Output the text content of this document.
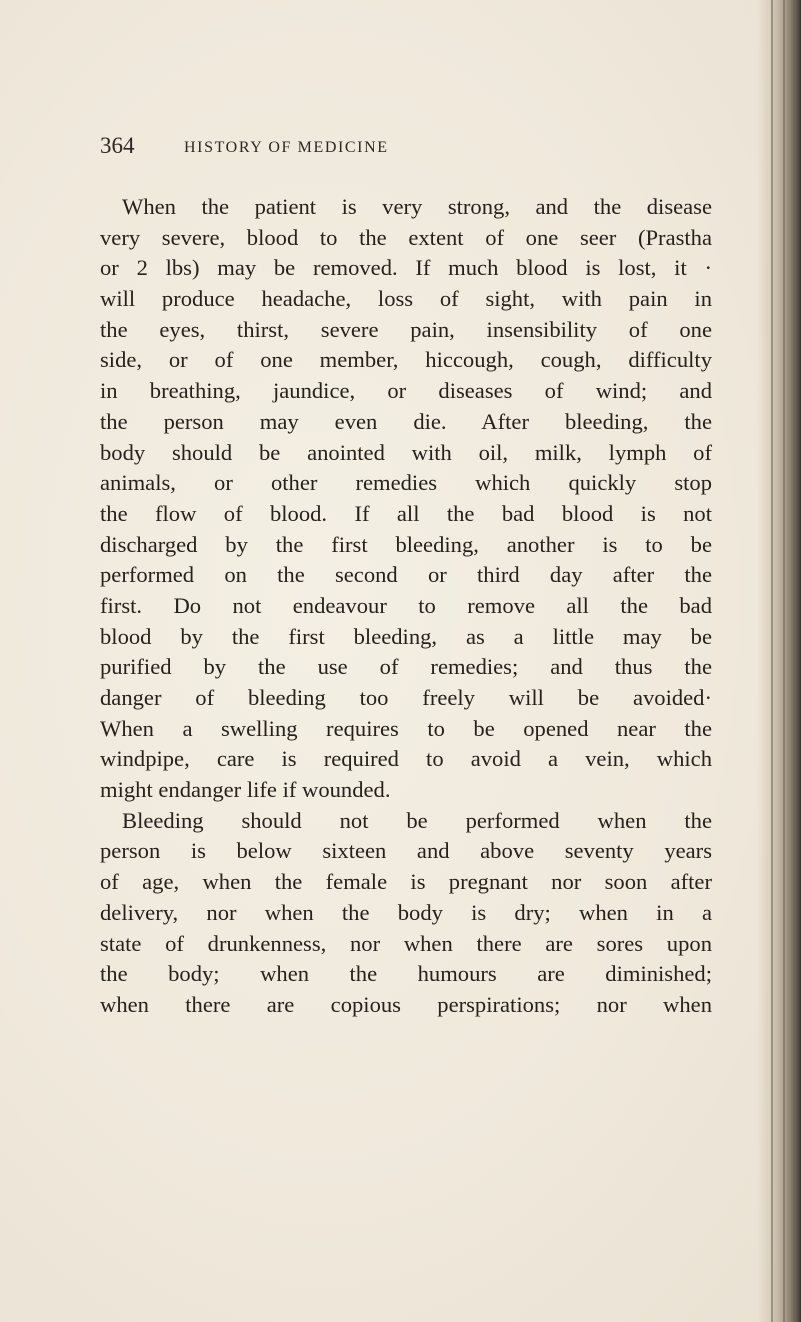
364	HISTORY OF MEDICINE
When the patient is very strong, and the disease
very severe, blood to the extent of one seer (Prastha
or 2 lbs) may be removed. If much blood is lost, it ·
will produce headache, loss of sight, with pain in
the eyes, thirst, severe pain, insensibility of one
side, or of one member, hiccough, cough, difficulty
in breathing, jaundice, or diseases of wind; and
the person may even die. After bleeding, the
body should be anointed with oil, milk, lymph of
animals, or other remedies which quickly stop
the flow of blood. If all the bad blood is not
discharged by the first bleeding, another is to be
performed on the second or third day after the
first. Do not endeavour to remove all the bad
blood by the first bleeding, as a little may be
purified by the use of remedies; and thus the
danger of bleeding too freely will be avoided·
When a swelling requires to be opened near the
windpipe, care is required to avoid a vein, which
might endanger life if wounded.
Bleeding should not be performed when the
person is below sixteen and above seventy years
of age, when the female is pregnant nor soon after
delivery, nor when the body is dry; when in a
state of drunkenness, nor when there are sores upon
the body; when the humours are diminished;
when there are copious perspirations; nor when
